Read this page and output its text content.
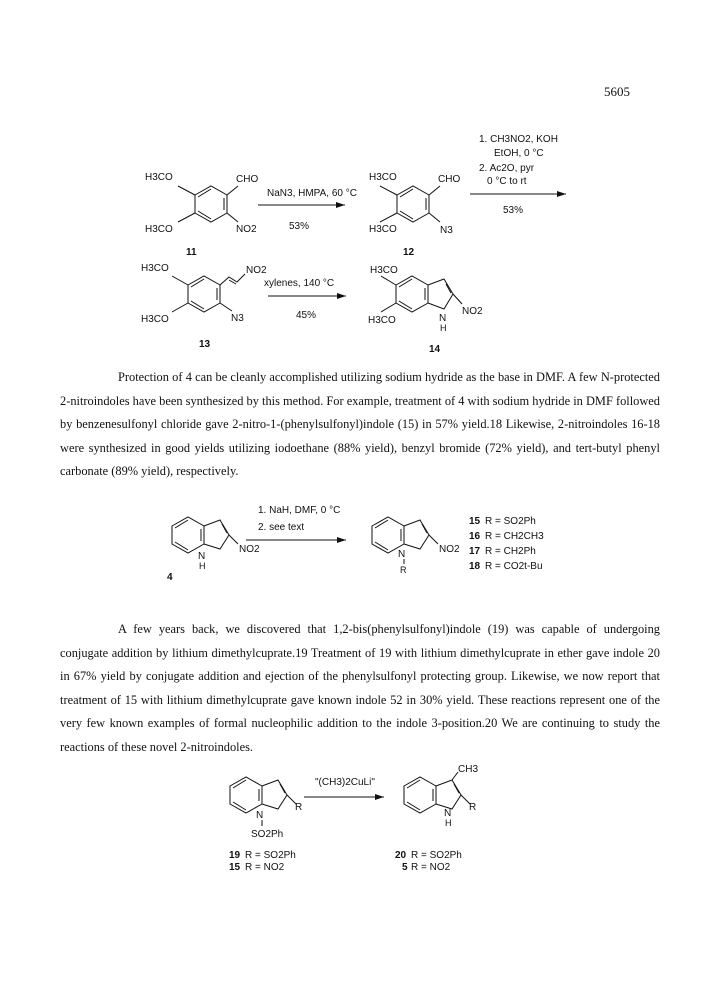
5605
H3CO
H3CO
CHO
NO2
11
NaN3, HMPA, 60 °C
53%
H3CO
H3CO
CHO
N3
12
1. CH3NO2, KOH
EtOH, 0 °C
2. Ac2O, pyr
0 °C to rt
53%
H3CO
H3CO
NO2
N3
13
xylenes, 140 °C
45%
H3CO
H3CO	N
H
NO2
14
N
H
NO2
4
1. NaH, DMF, 0 °C
2. see text
N
R
NO2
15 R = SO2Ph
16 R = CH2CH3
17 R = CH2Ph
18 R = CO2t-Bu
"(CH3)2CuLi"
N
R
SO2Ph
N
H
R
CH3
19 R = SO2Ph
15 R = NO2
20 R = SO2Ph
5 R = NO2

Protection of 4 can be cleanly accomplished utilizing sodium hydride as the base in DMF. A few N-protected 2-nitroindoles have been synthesized by this method. For example, treatment of 4 with sodium hydride in DMF followed by benzenesulfonyl chloride gave 2-nitro-1-(phenylsulfonyl)indole (15) in 57% yield.18 Likewise, 2-nitroindoles 16-18 were synthesized in good yields utilizing iodoethane (88% yield), benzyl bromide (72% yield), and tert-butyl phenyl carbonate (89% yield), respectively.

A few years back, we discovered that 1,2-bis(phenylsulfonyl)indole (19) was capable of undergoing conjugate addition by lithium dimethylcuprate.19 Treatment of 19 with lithium dimethylcuprate in ether gave indole 20 in 67% yield by conjugate addition and ejection of the phenylsulfonyl protecting group. Likewise, we now report that treatment of 15 with lithium dimethylcuprate gave known indole 52 in 30% yield. These reactions represent one of the very few known examples of formal nucleophilic addition to the indole 3-position.20 We are continuing to study the reactions of these novel 2-nitroindoles.
